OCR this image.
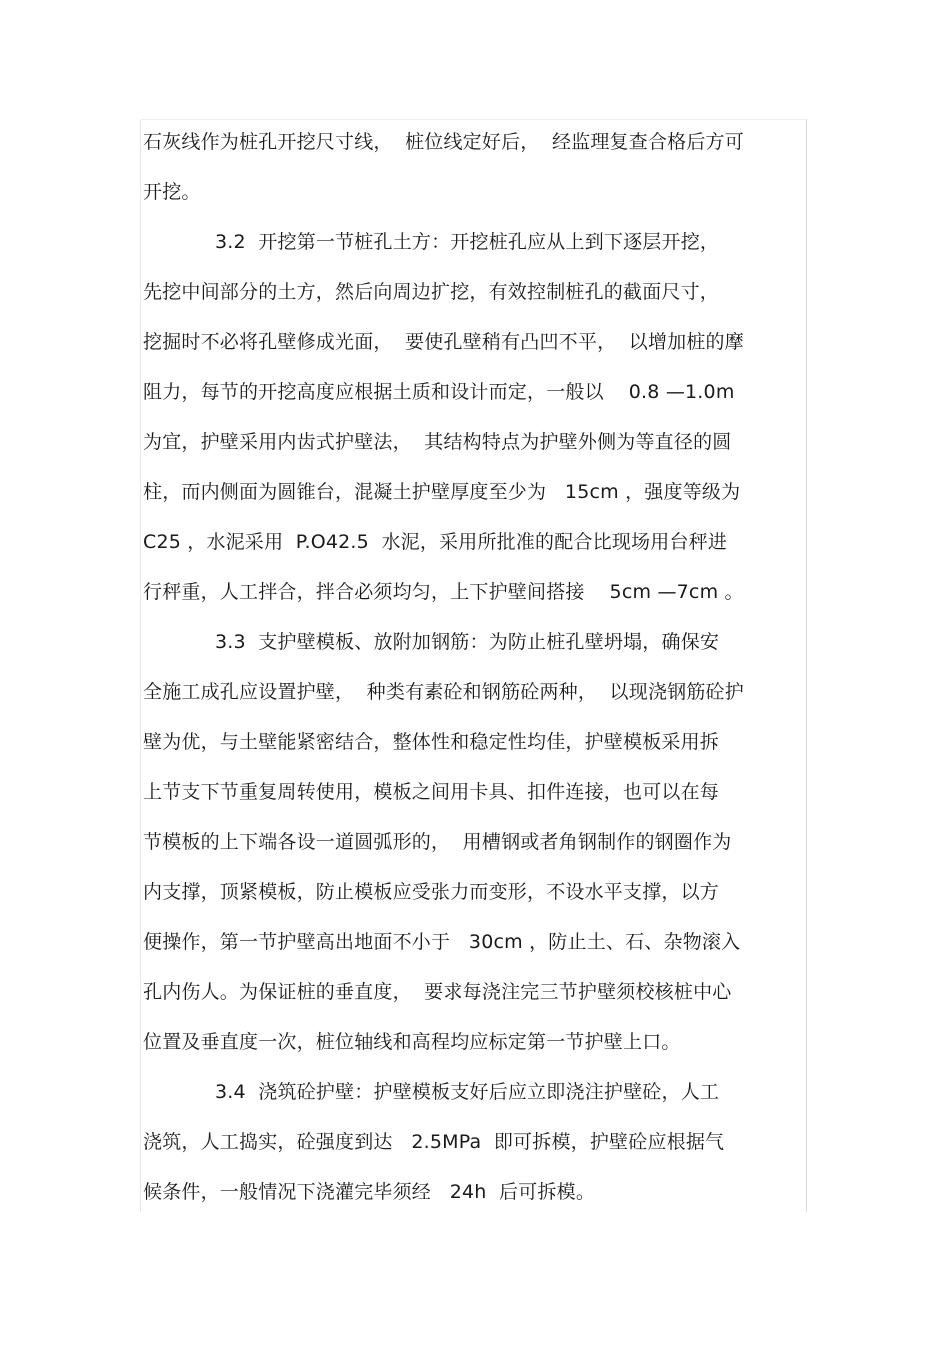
石灰线作为桩孔开挖尺寸线，  桩位线定好后，  经监理复查合格后方可
开挖。
3.2  开挖第一节桩孔土方：开挖桩孔应从上到下逐层开挖，
先挖中间部分的土方，然后向周边扩挖，有效控制桩孔的截面尺寸，
挖掘时不必将孔壁修成光面，  要使孔壁稍有凸凹不平，  以增加桩的摩
阻力，每节的开挖高度应根据土质和设计而定，一般以    0.8 —1.0m
为宜，护壁采用内齿式护壁法，  其结构特点为护壁外侧为等直径的圆
柱，而内侧面为圆锥台，混凝土护壁厚度至少为   15cm ，强度等级为
C25 ，水泥采用  P.O42.5  水泥，采用所批准的配合比现场用台秤进
行秤重，人工拌合，拌合必须均匀，上下护壁间搭接    5cm —7cm 。
3.3  支护壁模板、放附加钢筋：为防止桩孔壁坍塌，确保安
全施工成孔应设置护壁，  种类有素砼和钢筋砼两种，  以现浇钢筋砼护
壁为优，与土壁能紧密结合，整体性和稳定性均佳，护壁模板采用拆
上节支下节重复周转使用，模板之间用卡具、扣件连接，也可以在每
节模板的上下端各设一道圆弧形的，  用槽钢或者角钢制作的钢圈作为
内支撑，顶紧模板，防止模板应受张力而变形，不设水平支撑，以方
便操作，第一节护壁高出地面不小于   30cm ，防止土、石、杂物滚入
孔内伤人。为保证桩的垂直度，  要求每浇注完三节护壁须校核桩中心
位置及垂直度一次，桩位轴线和高程均应标定第一节护壁上口。
3.4  浇筑砼护壁：护壁模板支好后应立即浇注护壁砼，人工
浇筑，人工捣实，砼强度到达   2.5MPa  即可拆模，护壁砼应根据气
候条件，一般情况下浇灌完毕须经   24h  后可拆模。
